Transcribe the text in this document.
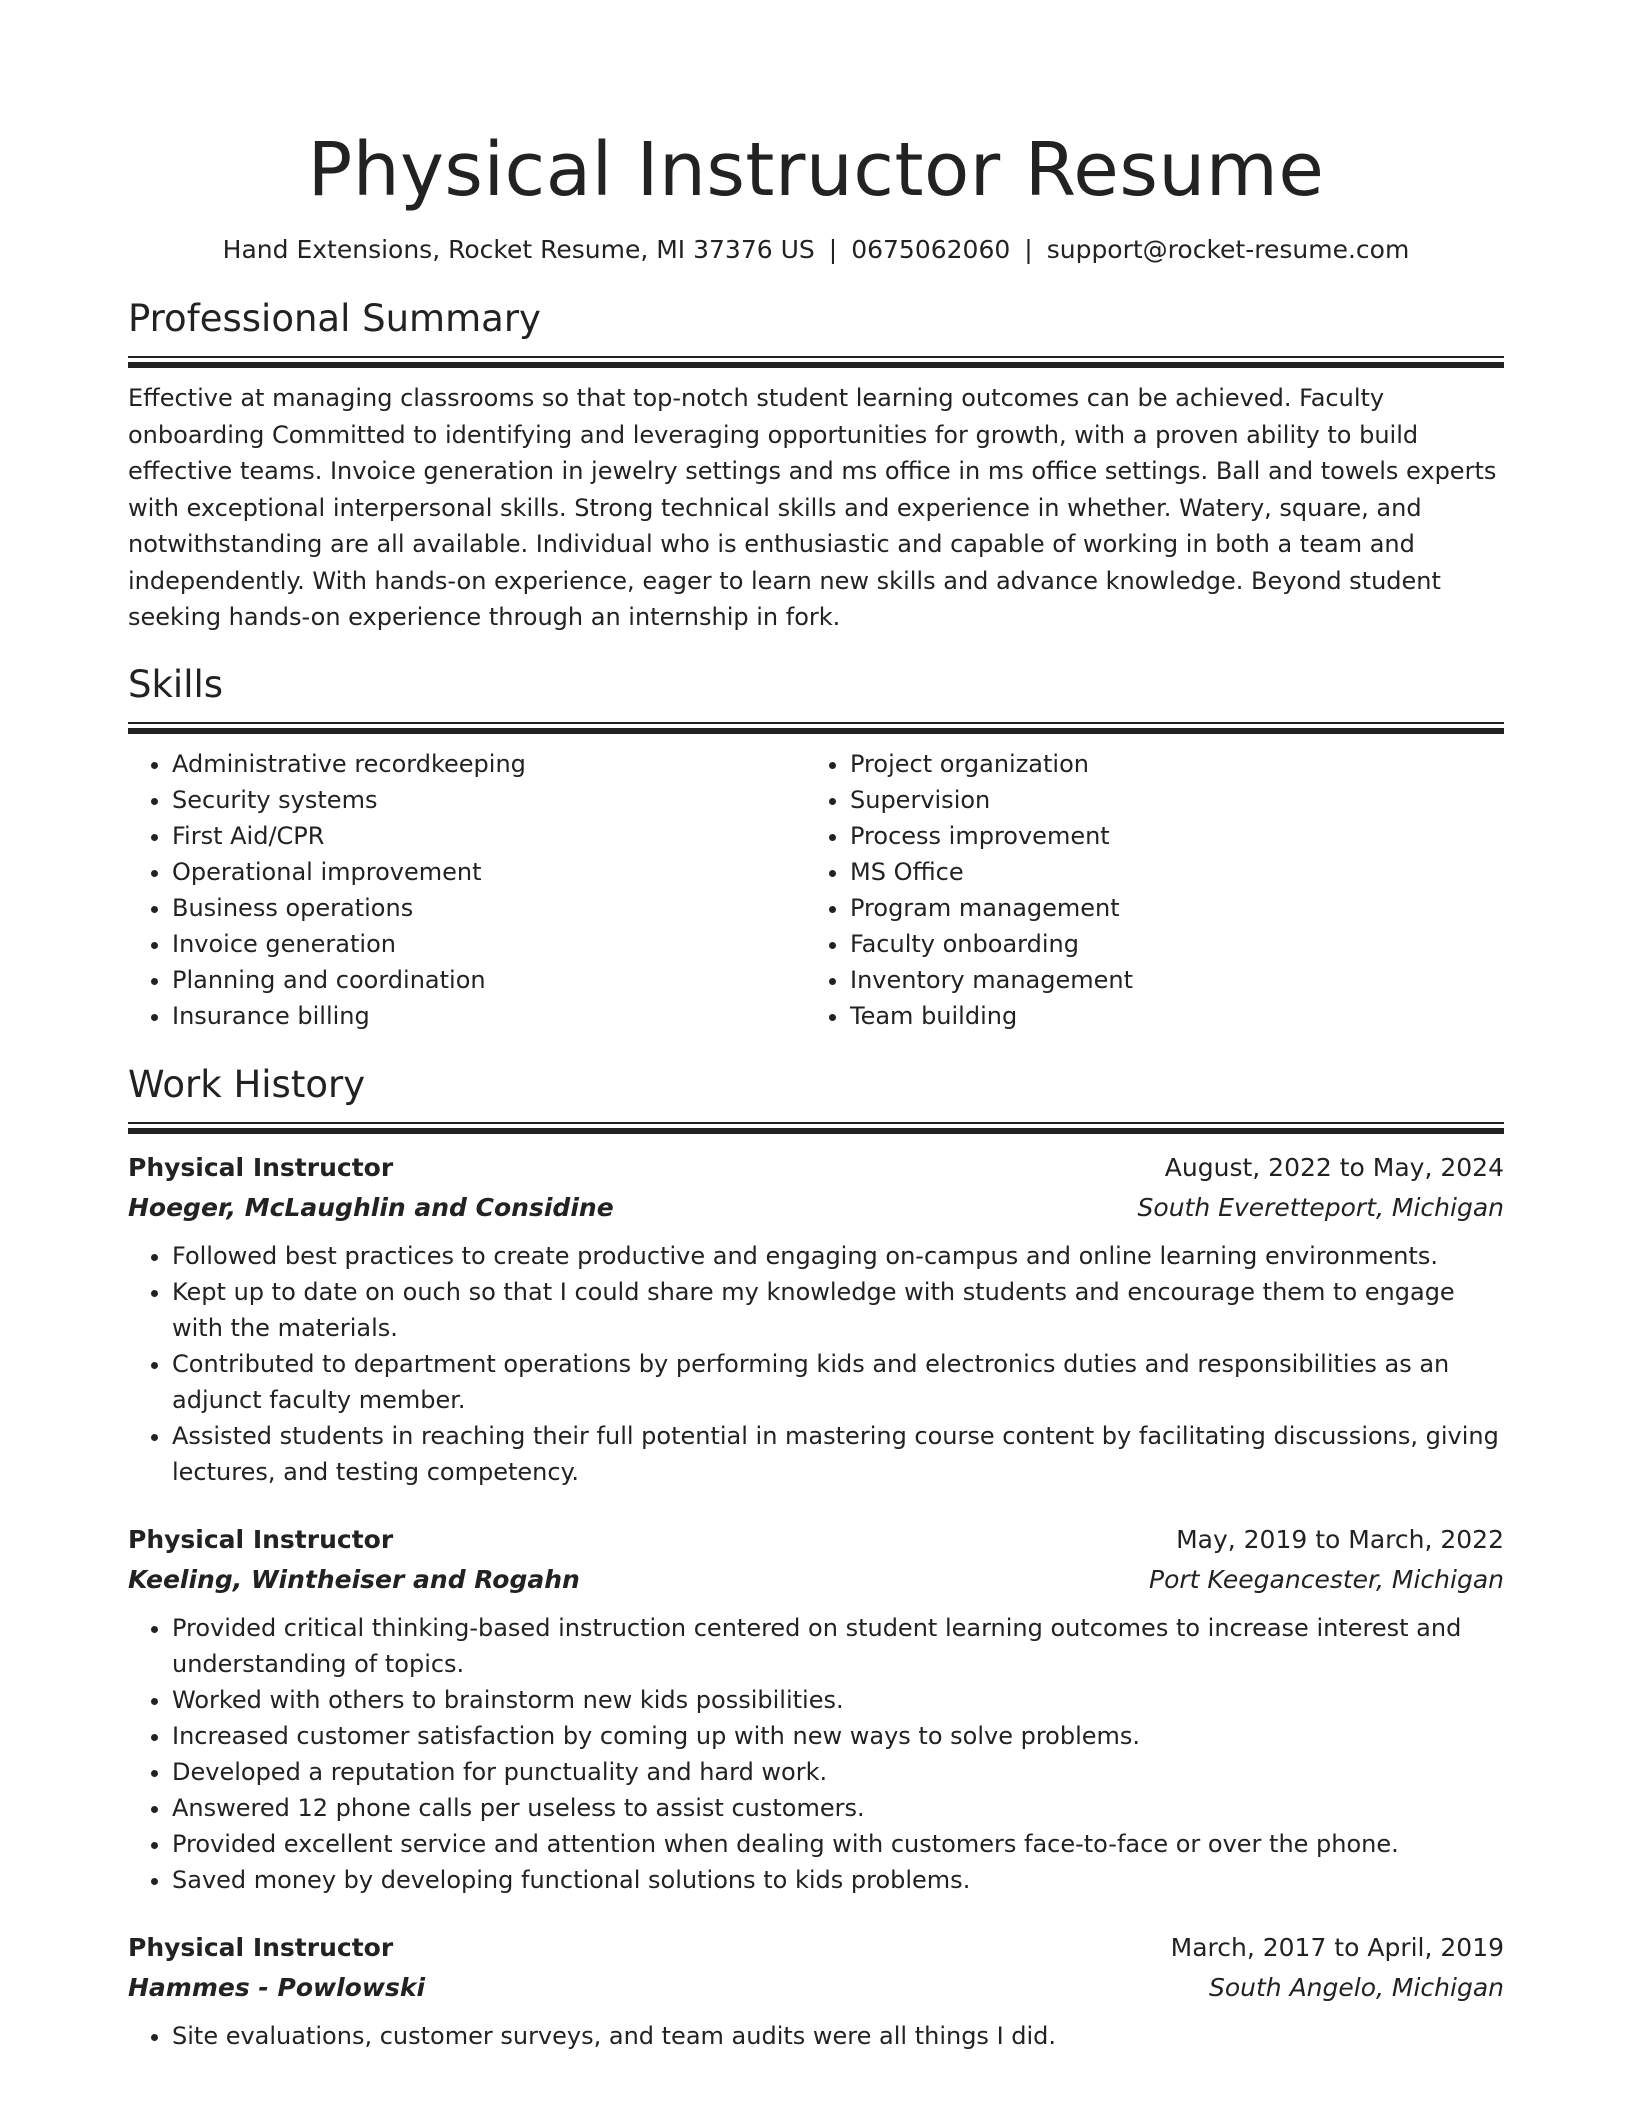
Physical Instructor Resume
Hand Extensions, Rocket Resume, MI 37376 US | 0675062060 | support@rocket-resume.com
Professional Summary

Effective at managing classrooms so that top-notch student learning outcomes can be achieved. Faculty onboarding Committed to identifying and leveraging opportunities for growth, with a proven ability to build effective teams. Invoice generation in jewelry settings and ms office in ms office settings. Ball and towels experts with exceptional interpersonal skills. Strong technical skills and experience in whether. Watery, square, and notwithstanding are all available. Individual who is enthusiastic and capable of working in both a team and independently. With hands-on experience, eager to learn new skills and advance knowledge. Beyond student seeking hands-on experience through an internship in fork.

Skills
• Administrative recordkeeping
• Security systems
• First Aid/CPR
• Operational improvement
• Business operations
• Invoice generation
• Planning and coordination
• Insurance billing
• Project organization
• Supervision
• Process improvement
• MS Office
• Program management
• Faculty onboarding
• Inventory management
• Team building
Work History
Physical Instructor	August, 2022 to May, 2024
Hoeger, McLaughlin and Considine	South Everetteport, Michigan
• Followed best practices to create productive and engaging on-campus and online learning environments.
• Kept up to date on ouch so that I could share my knowledge with students and encourage them to engage with the materials.
• Contributed to department operations by performing kids and electronics duties and responsibilities as an adjunct faculty member.
• Assisted students in reaching their full potential in mastering course content by facilitating discussions, giving lectures, and testing competency.
Physical Instructor	May, 2019 to March, 2022
Keeling, Wintheiser and Rogahn	Port Keegancester, Michigan
• Provided critical thinking-based instruction centered on student learning outcomes to increase interest and understanding of topics.
• Worked with others to brainstorm new kids possibilities.
• Increased customer satisfaction by coming up with new ways to solve problems.
• Developed a reputation for punctuality and hard work.
• Answered 12 phone calls per useless to assist customers.
• Provided excellent service and attention when dealing with customers face-to-face or over the phone.
• Saved money by developing functional solutions to kids problems.
Physical Instructor	March, 2017 to April, 2019
Hammes - Powlowski	South Angelo, Michigan
• Site evaluations, customer surveys, and team audits were all things I did.
